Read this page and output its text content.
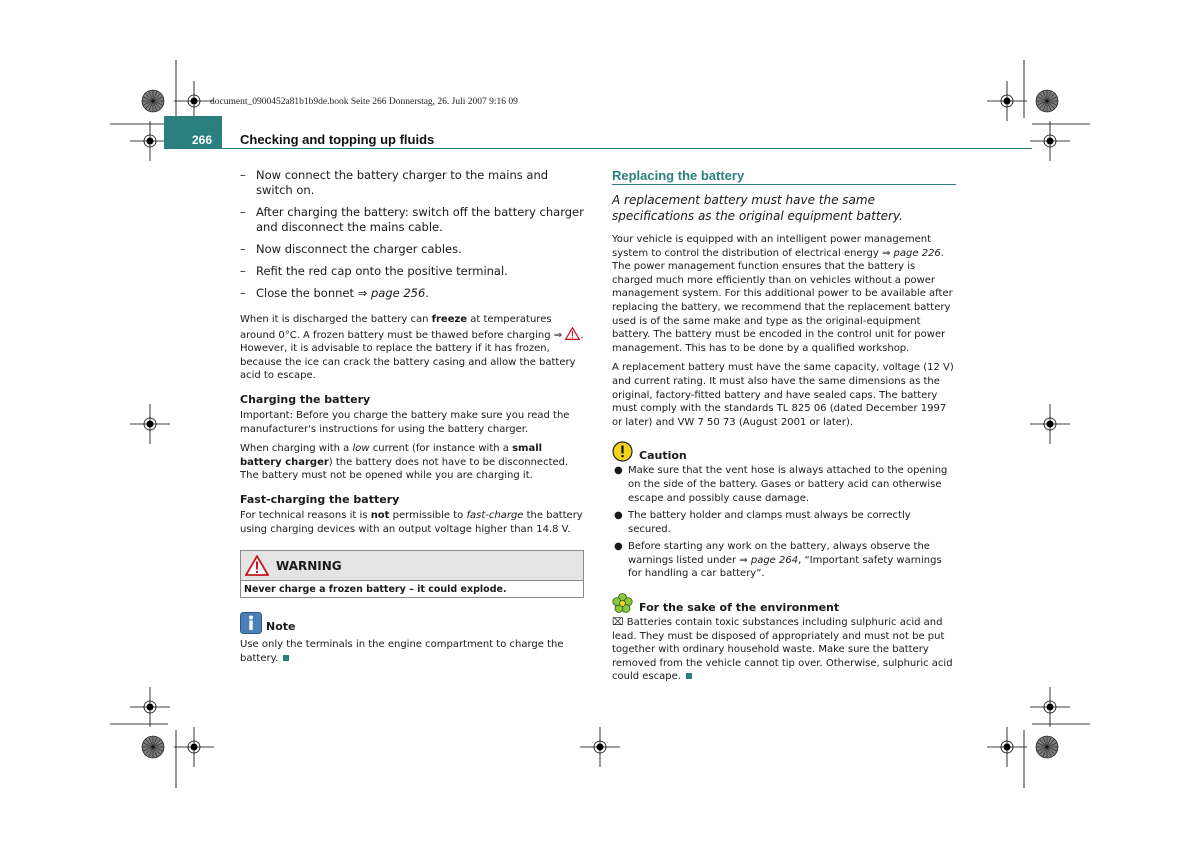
document_0900452a81b1b9de.book Seite 266 Donnerstag, 26. Juli 2007 9:16 09
266 Checking and topping up fluids
– Now connect the battery charger to the mains and switch on.
– After charging the battery: switch off the battery charger and disconnect the mains cable.
– Now disconnect the charger cables.
– Refit the red cap onto the positive terminal.
– Close the bonnet ⇒ page 256.

When it is discharged the battery can freeze at temperatures around 0°C. A frozen battery must be thawed before charging ⇒ . However, it is advisable to replace the battery if it has frozen, because the ice can crack the battery casing and allow the battery acid to escape.

Charging the battery

Important: Before you charge the battery make sure you read the manufacturer's instructions for using the battery charger.

When charging with a low current (for instance with a small battery charger) the battery does not have to be disconnected. The battery must not be opened while you are charging it.

Fast-charging the battery

For technical reasons it is not permissible to fast-charge the battery using charging devices with an output voltage higher than 14.8 V.

WARNING
Never charge a frozen battery – it could explode.
Note

Use only the terminals in the engine compartment to charge the battery.

Replacing the battery
A replacement battery must have the same specifications as the original equipment battery.

Your vehicle is equipped with an intelligent power management system to control the distribution of electrical energy ⇒ page 226. The power management function ensures that the battery is charged much more efficiently than on vehicles without a power management system. For this additional power to be available after replacing the battery, we recommend that the replacement battery used is of the same make and type as the original-equipment battery. The battery must be encoded in the control unit for power management. This has to be done by a qualified workshop.

A replacement battery must have the same capacity, voltage (12 V) and current rating. It must also have the same dimensions as the original, factory-fitted battery and have sealed caps. The battery must comply with the standards TL 825 06 (dated December 1997 or later) and VW 7 50 73 (August 2001 or later).

Caution
● Make sure that the vent hose is always attached to the opening on the side of the battery. Gases or battery acid can otherwise escape and possibly cause damage.
● The battery holder and clamps must always be correctly secured.
● Before starting any work on the battery, always observe the warnings listed under ⇒ page 264, “Important safety warnings for handling a car battery”.
For the sake of the environment

⌧ Batteries contain toxic substances including sulphuric acid and lead. They must be disposed of appropriately and must not be put together with ordinary household waste. Make sure the battery removed from the vehicle cannot tip over. Otherwise, sulphuric acid could escape.
